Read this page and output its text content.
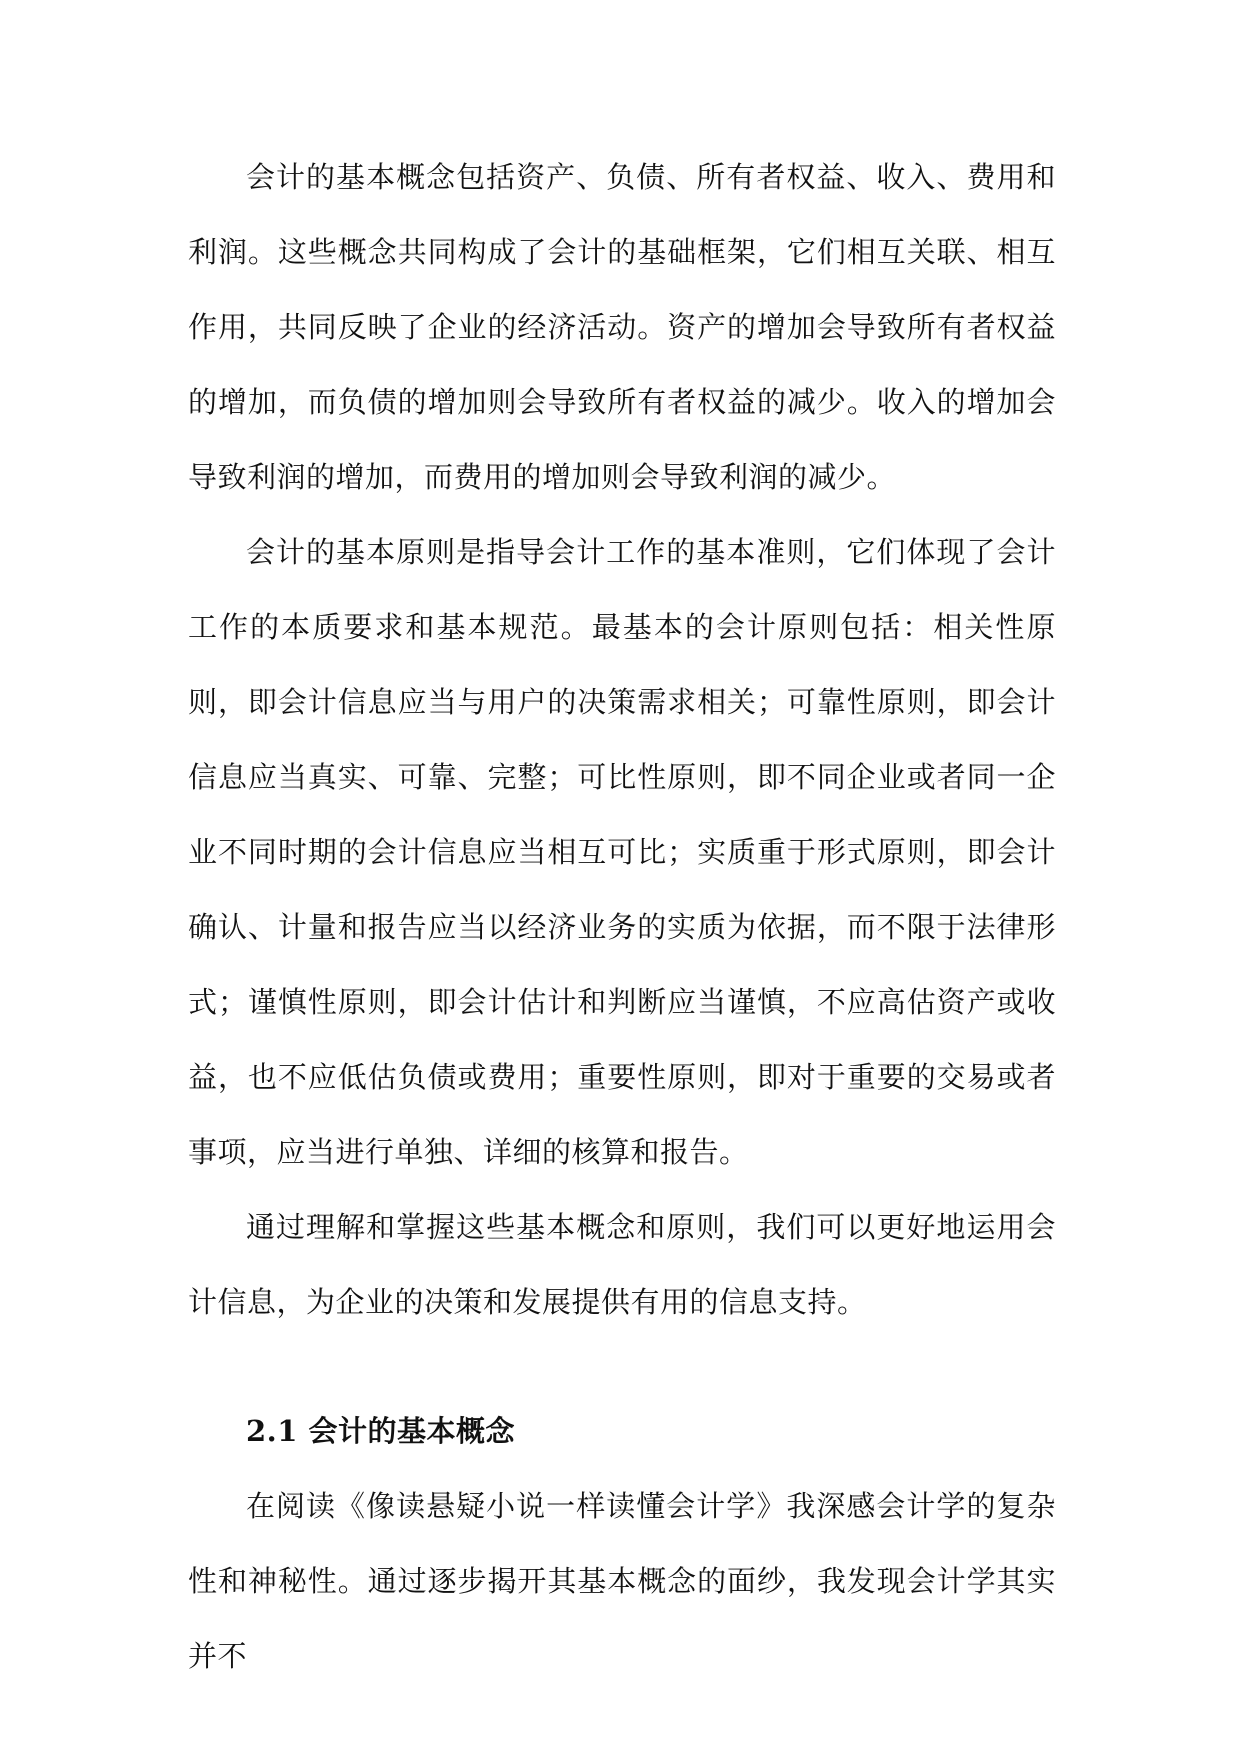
会计的基本概念包括资产、负债、所有者权益、收入、费用和利润。这些概念共同构成了会计的基础框架，它们相互关联、相互作用，共同反映了企业的经济活动。资产的增加会导致所有者权益的增加，而负债的增加则会导致所有者权益的减少。收入的增加会导致利润的增加，而费用的增加则会导致利润的减少。

会计的基本原则是指导会计工作的基本准则，它们体现了会计工作的本质要求和基本规范。最基本的会计原则包括：相关性原则，即会计信息应当与用户的决策需求相关；可靠性原则，即会计信息应当真实、可靠、完整；可比性原则，即不同企业或者同一企业不同时期的会计信息应当相互可比；实质重于形式原则，即会计确认、计量和报告应当以经济业务的实质为依据，而不限于法律形式；谨慎性原则，即会计估计和判断应当谨慎，不应高估资产或收益，也不应低估负债或费用；重要性原则，即对于重要的交易或者事项，应当进行单独、详细的核算和报告。

通过理解和掌握这些基本概念和原则，我们可以更好地运用会计信息，为企业的决策和发展提供有用的信息支持。

2.1 会计的基本概念

在阅读《像读悬疑小说一样读懂会计学》我深感会计学的复杂性和神秘性。通过逐步揭开其基本概念的面纱，我发现会计学其实并不
